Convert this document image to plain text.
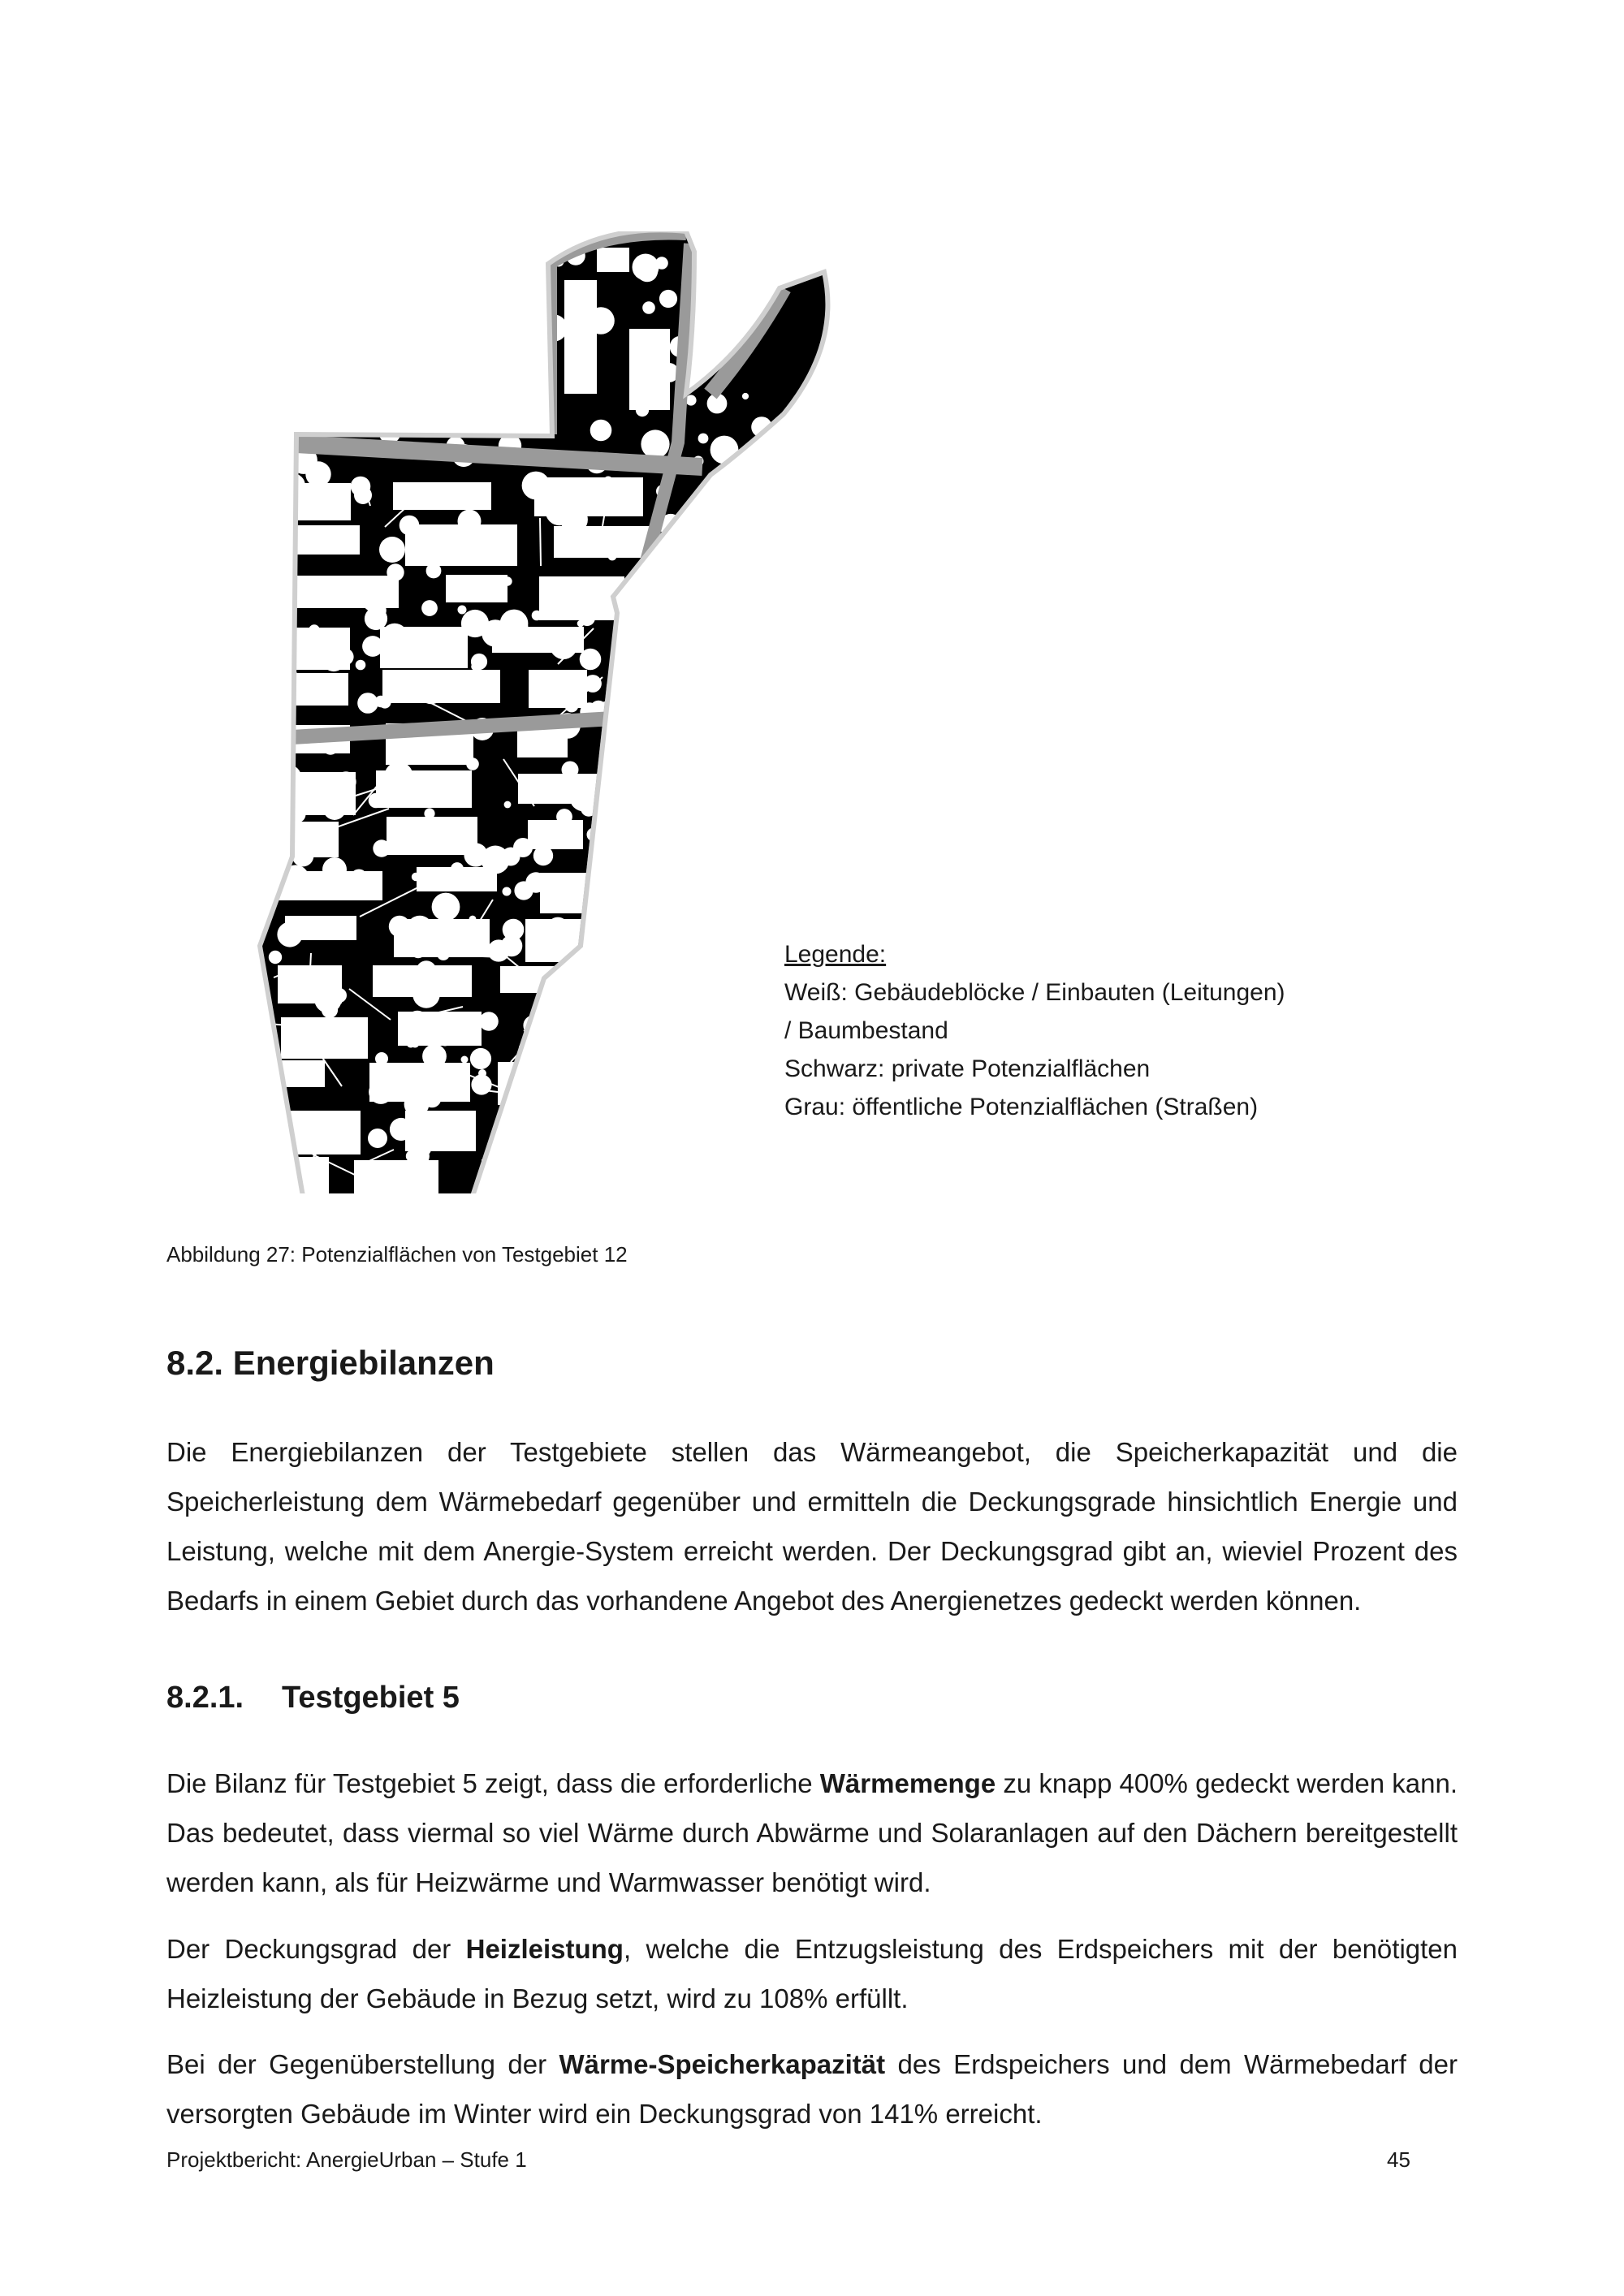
Legende:
Weiß: Gebäudeblöcke / Einbauten (Leitungen)
/ Baumbestand
Schwarz: private Potenzialflächen
Grau: öffentliche Potenzialflächen (Straßen)
Abbildung 27: Potenzialflächen von Testgebiet 12
8.2. Energiebilanzen
Die Energiebilanzen der Testgebiete stellen das Wärmeangebot, die Speicherkapazität und die Speicherleistung dem Wärmebedarf gegenüber und ermitteln die Deckungsgrade hinsichtlich Energie und Leistung, welche mit dem Anergie-System erreicht werden. Der Deckungsgrad gibt an, wieviel Prozent des Bedarfs in einem Gebiet durch das vorhandene Angebot des Anergienetzes gedeckt werden können.
8.2.1. Testgebiet 5
Die Bilanz für Testgebiet 5 zeigt, dass die erforderliche Wärmemenge zu knapp 400% gedeckt werden kann. Das bedeutet, dass viermal so viel Wärme durch Abwärme und Solaranlagen auf den Dächern bereitgestellt werden kann, als für Heizwärme und Warmwasser benötigt wird.
Der Deckungsgrad der Heizleistung, welche die Entzugsleistung des Erdspeichers mit der benötigten Heizleistung der Gebäude in Bezug setzt, wird zu 108% erfüllt.
Bei der Gegenüberstellung der Wärme-Speicherkapazität des Erdspeichers und dem Wärmebedarf der versorgten Gebäude im Winter wird ein Deckungsgrad von 141% erreicht.
Projektbericht: AnergieUrban – Stufe 1	45
